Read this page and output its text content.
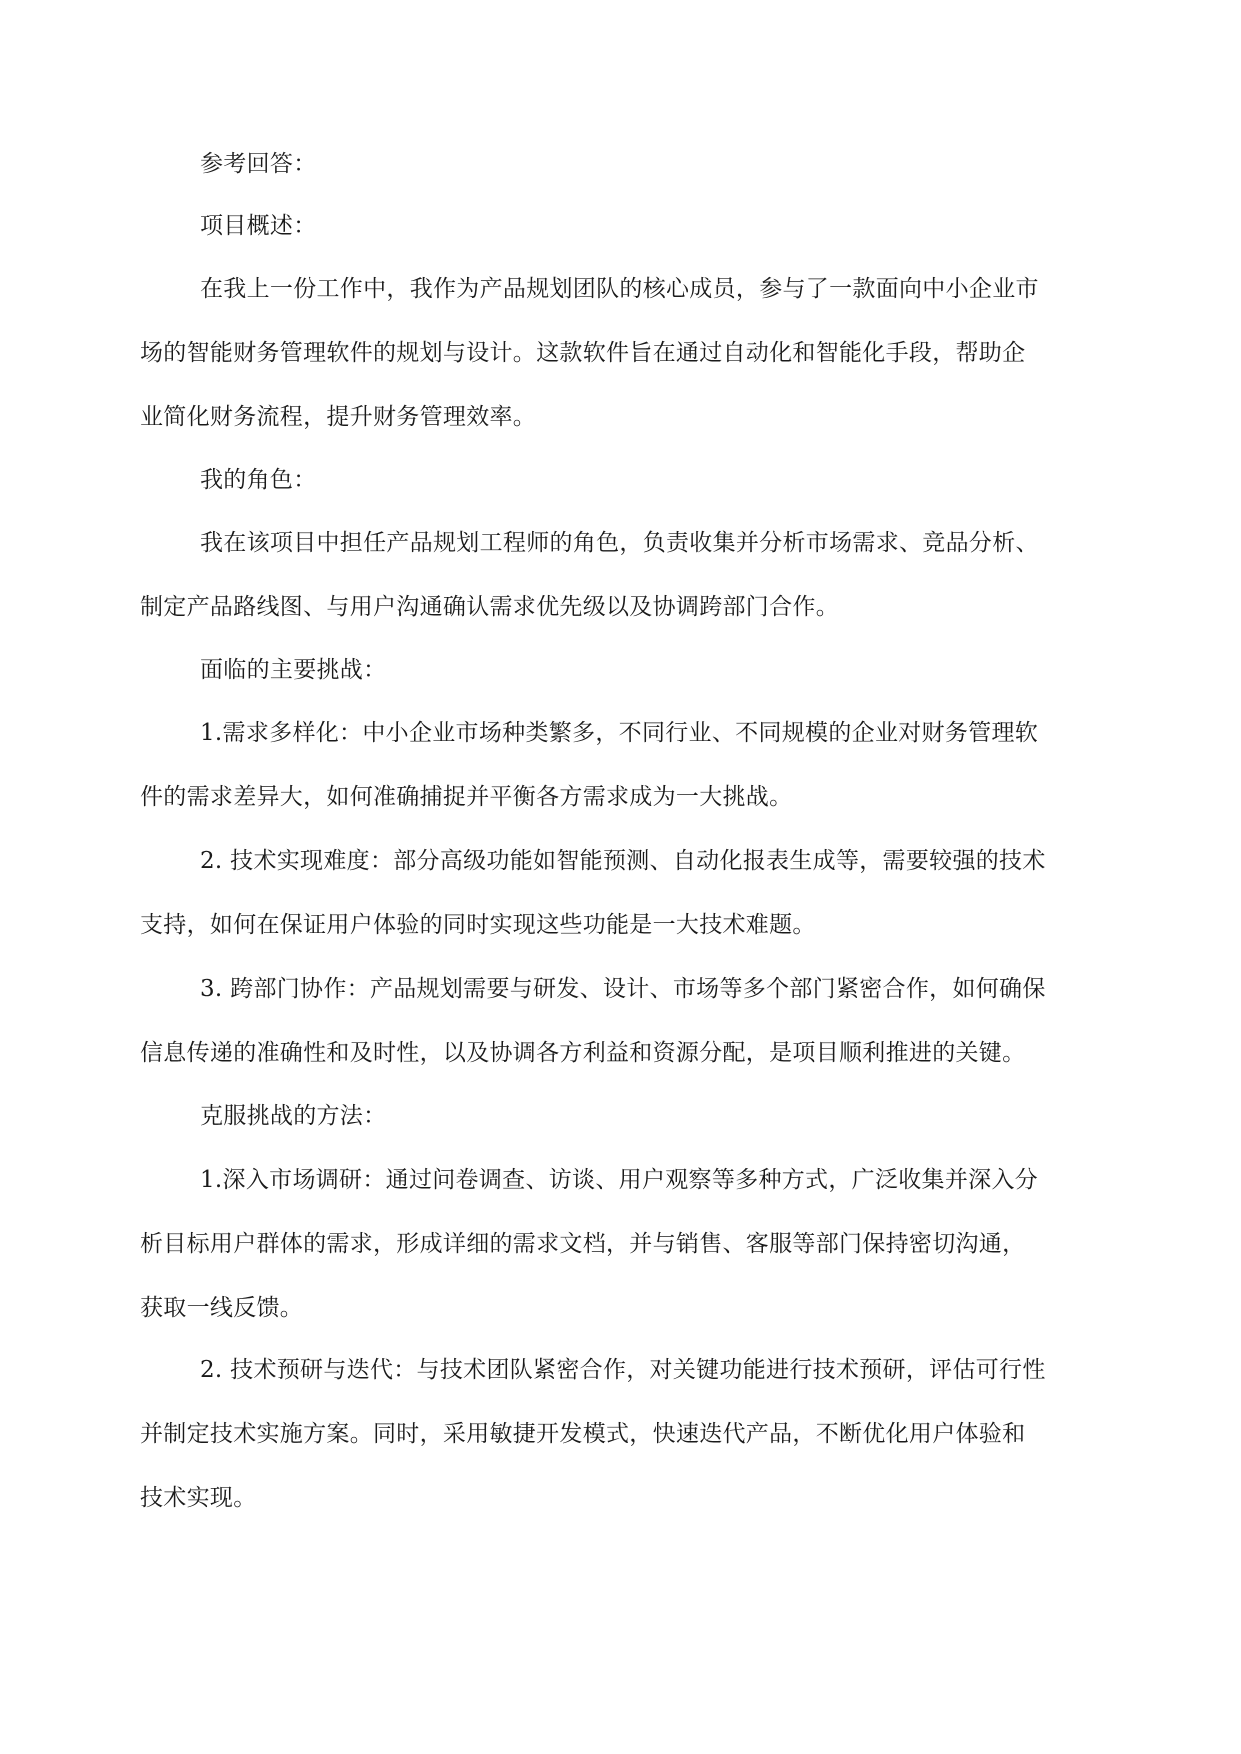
参考回答：
项目概述：
在我上一份工作中，我作为产品规划团队的核心成员，参与了一款面向中小企业市
场的智能财务管理软件的规划与设计。这款软件旨在通过自动化和智能化手段，帮助企
业简化财务流程，提升财务管理效率。
我的角色：
我在该项目中担任产品规划工程师的角色，负责收集并分析市场需求、竞品分析、
制定产品路线图、与用户沟通确认需求优先级以及协调跨部门合作。
面临的主要挑战：
1.需求多样化：中小企业市场种类繁多，不同行业、不同规模的企业对财务管理软
件的需求差异大，如何准确捕捉并平衡各方需求成为一大挑战。
2. 技术实现难度：部分高级功能如智能预测、自动化报表生成等，需要较强的技术
支持，如何在保证用户体验的同时实现这些功能是一大技术难题。
3. 跨部门协作：产品规划需要与研发、设计、市场等多个部门紧密合作，如何确保
信息传递的准确性和及时性，以及协调各方利益和资源分配，是项目顺利推进的关键。
克服挑战的方法：
1.深入市场调研：通过问卷调查、访谈、用户观察等多种方式，广泛收集并深入分
析目标用户群体的需求，形成详细的需求文档，并与销售、客服等部门保持密切沟通，
获取一线反馈。
2. 技术预研与迭代：与技术团队紧密合作，对关键功能进行技术预研，评估可行性
并制定技术实施方案。同时，采用敏捷开发模式，快速迭代产品，不断优化用户体验和
技术实现。
